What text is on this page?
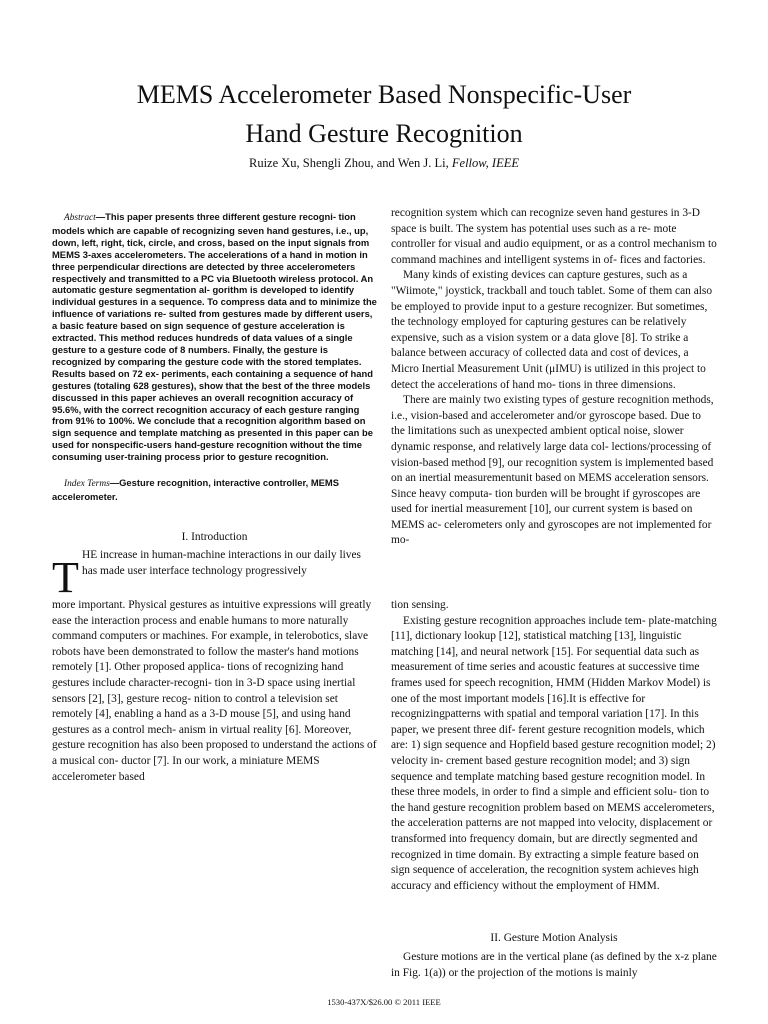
MEMS Accelerometer Based Nonspecific-User
Hand Gesture Recognition
Ruize Xu, Shengli Zhou, and Wen J. Li, Fellow, IEEE

Abstract—This paper presents three different gesture recogni- tion models which are capable of recognizing seven hand gestures, i.e., up, down, left, right, tick, circle, and cross, based on the input signals from MEMS 3-axes accelerometers. The accelerations of a hand in motion in three perpendicular directions are detected by three accelerometers respectively and transmitted to a PC via Bluetooth wireless protocol. An automatic gesture segmentation al- gorithm is developed to identify individual gestures in a sequence. To compress data and to minimize the influence of variations re- sulted from gestures made by different users, a basic feature based on sign sequence of gesture acceleration is extracted. This method reduces hundreds of data values of a single gesture to a gesture code of 8 numbers. Finally, the gesture is recognized by comparing the gesture code with the stored templates. Results based on 72 ex- periments, each containing a sequence of hand gestures (totaling 628 gestures), show that the best of the three models discussed in this paper achieves an overall recognition accuracy of 95.6%, with the correct recognition accuracy of each gesture ranging from 91% to 100%. We conclude that a recognition algorithm based on sign sequence and template matching as presented in this paper can be used for nonspecific-users hand-gesture recognition without the time consuming user-training process prior to gesture recognition.

Index Terms—Gesture recognition, interactive controller, MEMS accelerometer.

I. Introduction
T HE increase in human-machine interactions in our daily lives has made user interface technology progressively
more important. Physical gestures as intuitive expressions will greatly ease the interaction process and enable humans to more naturally command computers or machines. For example, in telerobotics, slave robots have been demonstrated to follow the master's hand motions remotely [1]. Other proposed applica- tions of recognizing hand gestures include character-recogni- tion in 3-D space using inertial sensors [2], [3], gesture recog- nition to control a television set remotely [4], enabling a hand as a 3-D mouse [5], and using hand gestures as a control mech- anism in virtual reality [6]. Moreover, gesture recognition has also been proposed to understand the actions of a musical con- ductor [7]. In our work, a miniature MEMS accelerometer based

recognition system which can recognize seven hand gestures in 3-D space is built. The system has potential uses such as a re- mote controller for visual and audio equipment, or as a control mechanism to command machines and intelligent systems in of- fices and factories.

Many kinds of existing devices can capture gestures, such as a "Wiimote," joystick, trackball and touch tablet. Some of them can also be employed to provide input to a gesture recognizer. But sometimes, the technology employed for capturing gestures can be relatively expensive, such as a vision system or a data glove [8]. To strike a balance between accuracy of collected data and cost of devices, a Micro Inertial Measurement Unit (μIMU) is utilized in this project to detect the accelerations of hand mo- tions in three dimensions.

There are mainly two existing types of gesture recognition methods, i.e., vision-based and accelerometer and/or gyroscope based. Due to the limitations such as unexpected ambient optical noise, slower dynamic response, and relatively large data col- lections/processing of vision-based method [9], our recognition system is implemented based on an inertial measurementunit based on MEMS acceleration sensors. Since heavy computa- tion burden will be brought if gyroscopes are used for inertial measurement [10], our current system is based on MEMS ac- celerometers only and gyroscopes are not implemented for mo-

tion sensing.

Existing gesture recognition approaches include tem- plate-matching [11], dictionary lookup [12], statistical matching [13], linguistic matching [14], and neural network [15]. For sequential data such as measurement of time series and acoustic features at successive time frames used for speech recognition, HMM (Hidden Markov Model) is one of the most important models [16].It is effective for recognizingpatterns with spatial and temporal variation [17]. In this paper, we present three dif- ferent gesture recognition models, which are: 1) sign sequence and Hopfield based gesture recognition model; 2) velocity in- crement based gesture recognition model; and 3) sign sequence and template matching based gesture recognition model. In these three models, in order to find a simple and efficient solu- tion to the hand gesture recognition problem based on MEMS accelerometers, the acceleration patterns are not mapped into velocity, displacement or transformed into frequency domain, but are directly segmented and recognized in time domain. By extracting a simple feature based on sign sequence of acceleration, the recognition system achieves high accuracy and efficiency without the employment of HMM.

II. Gesture Motion Analysis
Gesture motions are in the vertical plane (as defined by the x-z plane in Fig. 1(a)) or the projection of the motions is mainly
1530-437X/$26.00 © 2011 IEEE
